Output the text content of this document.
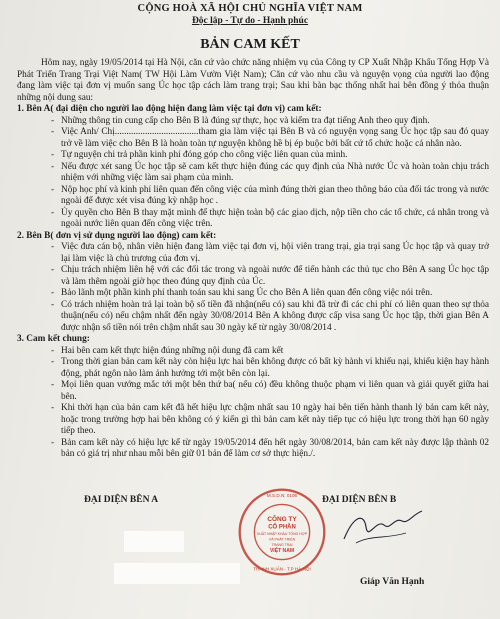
CỘNG HOÀ XÃ HỘI CHỦ NGHĨA VIỆT NAM
Độc lập - Tự do - Hạnh phúc
BẢN CAM KẾT

Hôm nay, ngày 19/05/2014 tại Hà Nội, căn cứ vào chức năng nhiệm vụ của Công ty CP Xuất Nhập Khẩu Tổng Hợp Và Phát Triển Trang Trại Việt Nam( TW Hội Làm Vườn Việt Nam); Căn cứ vào nhu cầu và nguyện vọng của người lao động đang làm việc tại đơn vị muốn sang Úc học tập cách làm trang trại; Sau khi bàn bạc thống nhất hai bên đồng ý thỏa thuận những nội dung sau:

1. Bên A( đại diện cho người lao động hiện đang làm việc tại đơn vị) cam kết:

- Những thông tin cung cấp cho Bên B là đúng sự thực, học và kiểm tra đạt tiếng Anh theo quy định.
- Việc Anh/ Chị....................................tham gia làm việc tại Bên B và có nguyện vọng sang Úc học tập sau đó quay trở về làm việc cho Bên B là hoàn toàn tự nguyện không hề bị ép buộc bởi bất cứ tổ chức hoặc cá nhân nào.
- Tự nguyện chi trả phần kinh phí đóng góp cho công việc liên quan của mình.
- Nếu được xét sang Úc học tập sẽ cam kết thực hiện đúng các quy định của Nhà nước Úc và hoàn toàn chịu trách nhiệm với những việc làm sai phạm của mình.
- Nộp học phí và kinh phí liên quan đến công việc của mình đúng thời gian theo thông báo của đối tác trong và nước ngoài để được xét visa đúng kỳ nhập học .
- Ủy quyền cho Bên B thay mặt mình để thực hiện toàn bộ các giao dịch, nộp tiền cho các tổ chức, cá nhân trong và ngoài nước liên quan đến công việc trên.

2. Bên B( đơn vị sử dụng người lao động) cam kết:

- Việc đưa cán bộ, nhân viên hiện đang làm việc tại đơn vị, hội viên trang trại, gia trại sang Úc học tập và quay trở lại làm việc là chủ trương của đơn vị.
- Chịu trách nhiệm liên hệ với các đối tác trong và ngoài nước để tiến hành các thủ tục cho Bên A sang Úc học tập và làm thêm ngoài giờ học theo đúng quy định của Úc.
- Bảo lãnh một phần kinh phí thanh toán sau khi sang Úc cho Bên A liên quan đến công việc nói trên.
- Có trách nhiệm hoàn trả lại toàn bộ số tiền đã nhận(nếu có) sau khi đã trừ đi các chi phí có liên quan theo sự thỏa thuận(nếu có) nếu chậm nhất đến ngày 30/08/2014 Bên A không được cấp visa sang Úc học tập, thời gian Bên A được nhận số tiền nói trên chậm nhất sau 30 ngày kể từ ngày 30/08/2014 .

3. Cam kết chung:

- Hai bên cam kết thực hiện đúng những nội dung đã cam kết
- Trong thời gian bản cam kết này còn hiệu lực hai bên không được có bất kỳ hành vi khiếu nại, khiếu kiện hay hành động, phát ngôn nào làm ảnh hưởng tới một bên còn lại.
- Mọi liên quan vướng mắc tới một bên thứ ba( nếu có) đều không thuộc phạm vi liên quan và giải quyết giữa hai bên.
- Khi thời hạn của bản cam kết đã hết hiệu lực chậm nhất sau 10 ngày hai bên tiến hành thanh lý bản cam kết này, hoặc trong trường hợp hai bên không có ý kiến gì thì bản cam kết này tiếp tục có hiệu lực trong thời hạn 60 ngày tiếp theo.
- Bản cam kết này có hiệu lực kể từ ngày 19/05/2014 đến hết ngày 30/08/2014, bản cam kết này được lập thành 02 bản có giá trị như nhau mỗi bên giữ 01 bản để làm cơ sở thực hiện./.
ĐẠI DIỆN BÊN A	ĐẠI DIỆN BÊN B
CÔNG TY
CỔ PHẦN
XUẤT NHẬP KHẨU TỔNG HỢP
VÀ PHÁT TRIỂN
TRANG TRẠI
VIỆT NAM
THANH XUÂN - T.P HÀ NỘI
M.S.D.N: 0106
Giáp Văn Hạnh
